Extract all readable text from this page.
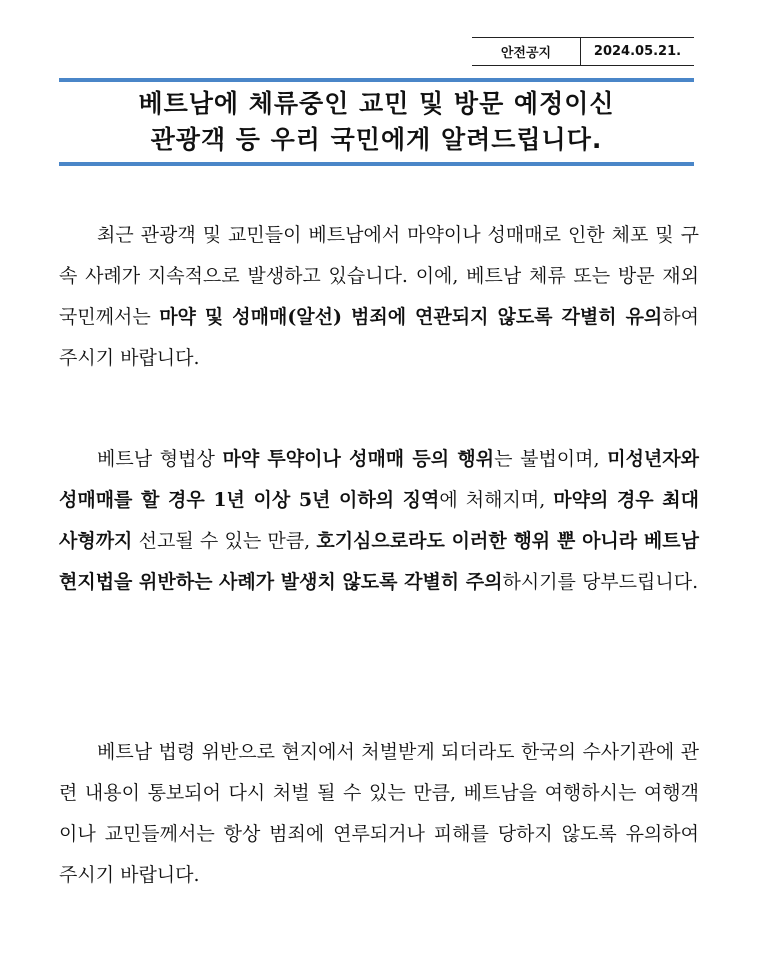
안전공지	2024.05.21.
베트남에 체류중인 교민 및 방문 예정이신
관광객 등 우리 국민에게 알려드립니다.

최근 관광객 및 교민들이 베트남에서 마약이나 성매매로 인한 체포 및 구속 사례가 지속적으로 발생하고 있습니다. 이에, 베트남 체류 또는 방문 재외국민께서는 마약 및 성매매(알선) 범죄에 연관되지 않도록 각별히 유의하여 주시기 바랍니다.

베트남 형법상 마약 투약이나 성매매 등의 행위는 불법이며, 미성년자와 성매매를 할 경우 1년 이상 5년 이하의 징역에 처해지며, 마약의 경우 최대 사형까지 선고될 수 있는 만큼, 호기심으로라도 이러한 행위 뿐 아니라 베트남 현지법을 위반하는 사례가 발생치 않도록 각별히 주의하시기를 당부드립니다.

베트남 법령 위반으로 현지에서 처벌받게 되더라도 한국의 수사기관에 관련 내용이 통보되어 다시 처벌 될 수 있는 만큼, 베트남을 여행하시는 여행객이나 교민들께서는 항상 범죄에 연루되거나 피해를 당하지 않도록 유의하여 주시기 바랍니다.
